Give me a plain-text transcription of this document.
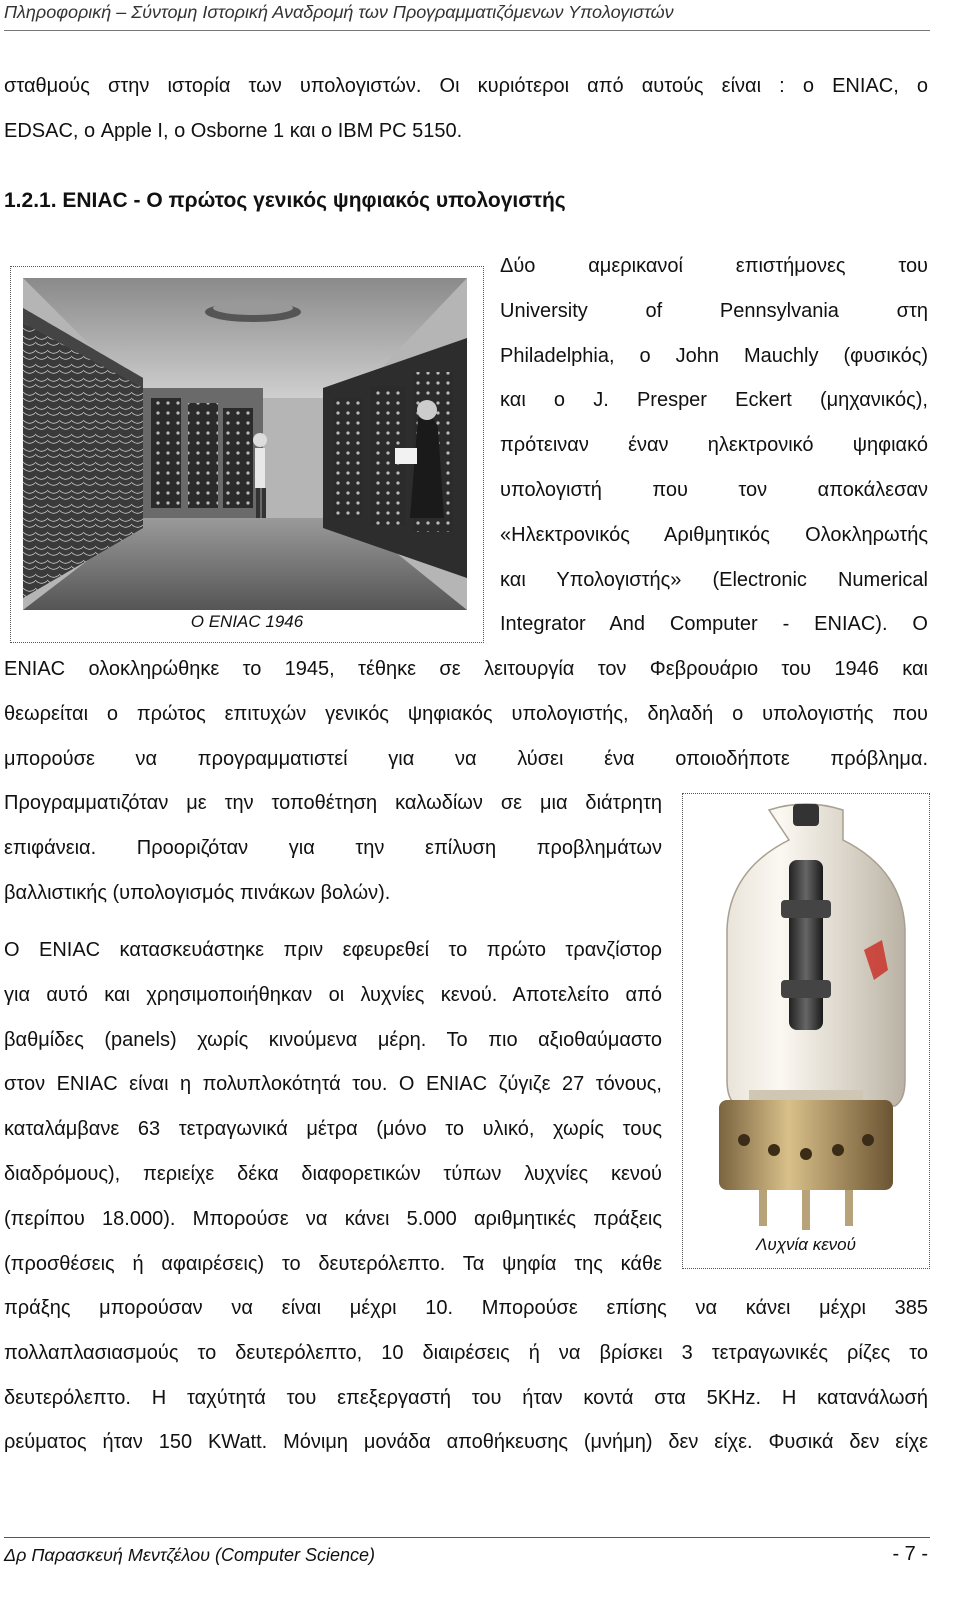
Πληροφορική – Σύντομη Ιστορική Αναδρομή των Προγραμματιζόμενων Υπολογιστών
σταθμούς στην ιστορία των υπολογιστών. Οι κυριότεροι από αυτούς είναι : ο ENIAC, ο
EDSAC, ο Apple I, ο Osborne 1 και ο IBM PC 5150.
1.2.1. ENIAC - Ο πρώτος γενικός ψηφιακός υπολογιστής
Ο ENIAC 1946
Δύο αμερικανοί επιστήμονες του
University of Pennsylvania στη
Philadelphia, ο John Mauchly (φυσικός)
και ο J. Presper Eckert (μηχανικός),
πρότειναν έναν ηλεκτρονικό ψηφιακό
υπολογιστή που τον αποκάλεσαν
«Ηλεκτρονικός Αριθμητικός Ολοκληρωτής
και Υπολογιστής» (Electronic Numerical
Integrator And Computer - ENIAC). Ο
ENIAC ολοκληρώθηκε το 1945, τέθηκε σε λειτουργία τον Φεβρουάριο του 1946 και
θεωρείται ο πρώτος επιτυχών γενικός ψηφιακός υπολογιστής, δηλαδή ο υπολογιστής που
μπορούσε να προγραμματιστεί για να λύσει ένα οποιοδήποτε πρόβλημα.
Προγραμματιζόταν με την τοποθέτηση καλωδίων σε μια διάτρητη
επιφάνεια. Προοριζόταν για την επίλυση προβλημάτων
βαλλιστικής (υπολογισμός πινάκων βολών).
Ο ENIAC κατασκευάστηκε πριν εφευρεθεί το πρώτο τρανζίστορ
για αυτό και χρησιμοποιήθηκαν οι λυχνίες κενού. Αποτελείτο από
βαθμίδες (panels) χωρίς κινούμενα μέρη. Το πιο αξιοθαύμαστο
στον ENIAC είναι η πολυπλοκότητά του. Ο ENIAC ζύγιζε 27 τόνους,
καταλάμβανε 63 τετραγωνικά μέτρα (μόνο το υλικό, χωρίς τους
διαδρόμους), περιείχε δέκα διαφορετικών τύπων λυχνίες κενού
(περίπου 18.000). Μπορούσε να κάνει 5.000 αριθμητικές πράξεις
(προσθέσεις ή αφαιρέσεις) το δευτερόλεπτο. Τα ψηφία της κάθε
Λυχνία κενού
πράξης μπορούσαν να είναι μέχρι 10. Μπορούσε επίσης να κάνει μέχρι 385
πολλαπλασιασμούς το δευτερόλεπτο, 10 διαιρέσεις ή να βρίσκει 3 τετραγωνικές ρίζες το
δευτερόλεπτο. Η ταχύτητά του επεξεργαστή του ήταν κοντά στα 5KHz. Η κατανάλωσή
ρεύματος ήταν 150 KWatt. Μόνιμη μονάδα αποθήκευσης (μνήμη) δεν είχε. Φυσικά δεν είχε
Δρ Παρασκευή Μεντζέλου (Computer Science)	- 7 -
